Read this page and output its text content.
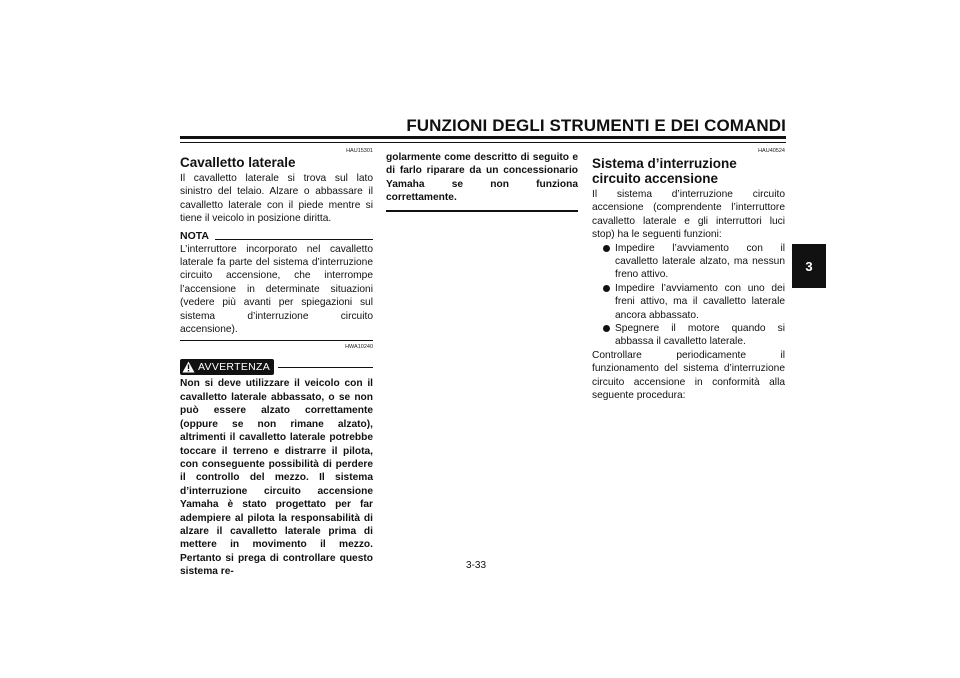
FUNZIONI DEGLI STRUMENTI E DEI COMANDI
3
HAU15301
Cavalletto laterale

Il cavalletto laterale si trova sul lato sinistro del telaio. Alzare o abbassare il cavalletto laterale con il piede mentre si tiene il veicolo in posizione diritta.

NOTA

L’interruttore incorporato nel cavalletto laterale fa parte del sistema d’interruzione circuito accensione, che interrompe l’accensione in determinate situazioni (vedere più avanti per spiegazioni sul sistema d’interruzione circuito accensione).

HWA10240
AVVERTENZA

Non si deve utilizzare il veicolo con il cavalletto laterale abbassato, o se non può essere alzato correttamente (oppure se non rimane alzato), altrimenti il cavalletto laterale potrebbe toccare il terreno e distrarre il pilota, con conseguente possibilità di perdere il controllo del mezzo. Il sistema d’interruzione circuito accensione Yamaha è stato progettato per far adempiere al pilota la responsabilità di alzare il cavalletto laterale prima di mettere in movimento il mezzo. Pertanto si prega di controllare questo sistema re-

golarmente come descritto di seguito e di farlo riparare da un concessionario Yamaha se non funziona correttamente.

HAU40524
Sistema d’interruzione circuito accensione

Il sistema d’interruzione circuito accensione (comprendente l’interruttore cavalletto laterale e gli interruttori luci stop) ha le seguenti funzioni:

Impedire l’avviamento con il cavalletto laterale alzato, ma nessun freno attivo.
Impedire l’avviamento con uno dei freni attivo, ma il cavalletto laterale ancora abbassato.
Spegnere il motore quando si abbassa il cavalletto laterale.

Controllare periodicamente il funzionamento del sistema d’interruzione circuito accensione in conformità alla seguente procedura:

3-33
